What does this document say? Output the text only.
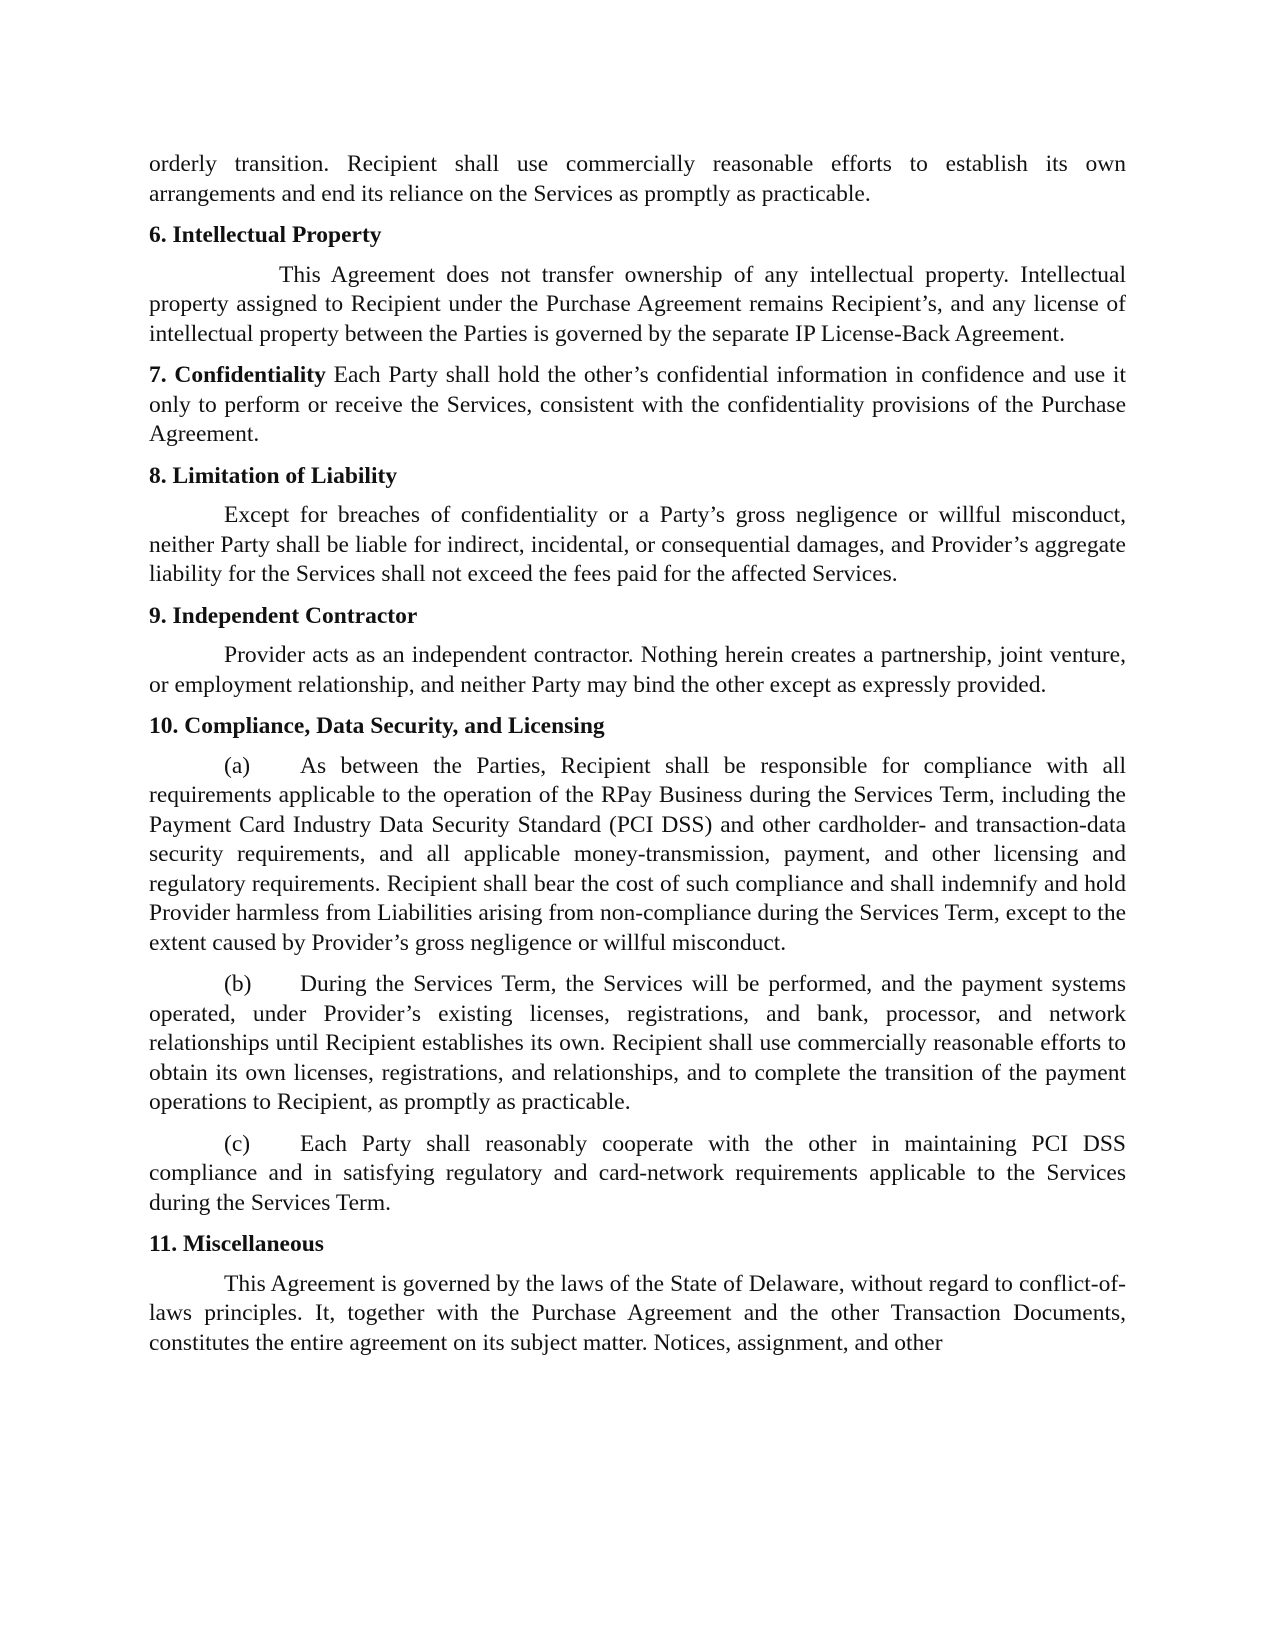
orderly transition. Recipient shall use commercially reasonable efforts to establish its own arrangements and end its reliance on the Services as promptly as practicable.

6. Intellectual Property

This Agreement does not transfer ownership of any intellectual property. Intellectual property assigned to Recipient under the Purchase Agreement remains Recipient’s, and any license of intellectual property between the Parties is governed by the separate IP License-Back Agreement.

7. Confidentiality Each Party shall hold the other’s confidential information in confidence and use it only to perform or receive the Services, consistent with the confidentiality provisions of the Purchase Agreement.

8. Limitation of Liability

Except for breaches of confidentiality or a Party’s gross negligence or willful misconduct, neither Party shall be liable for indirect, incidental, or consequential damages, and Provider’s aggregate liability for the Services shall not exceed the fees paid for the affected Services.

9. Independent Contractor

Provider acts as an independent contractor. Nothing herein creates a partnership, joint venture, or employment relationship, and neither Party may bind the other except as expressly provided.

10. Compliance, Data Security, and Licensing

(a) As between the Parties, Recipient shall be responsible for compliance with all requirements applicable to the operation of the RPay Business during the Services Term, including the Payment Card Industry Data Security Standard (PCI DSS) and other cardholder- and transaction-data security requirements, and all applicable money-transmission, payment, and other licensing and regulatory requirements. Recipient shall bear the cost of such compliance and shall indemnify and hold Provider harmless from Liabilities arising from non-compliance during the Services Term, except to the extent caused by Provider’s gross negligence or willful misconduct.

(b) During the Services Term, the Services will be performed, and the payment systems operated, under Provider’s existing licenses, registrations, and bank, processor, and network relationships until Recipient establishes its own. Recipient shall use commercially reasonable efforts to obtain its own licenses, registrations, and relationships, and to complete the transition of the payment operations to Recipient, as promptly as practicable.

(c) Each Party shall reasonably cooperate with the other in maintaining PCI DSS compliance and in satisfying regulatory and card-network requirements applicable to the Services during the Services Term.

11. Miscellaneous

This Agreement is governed by the laws of the State of Delaware, without regard to conflict-of-laws principles. It, together with the Purchase Agreement and the other Transaction Documents, constitutes the entire agreement on its subject matter. Notices, assignment, and other
